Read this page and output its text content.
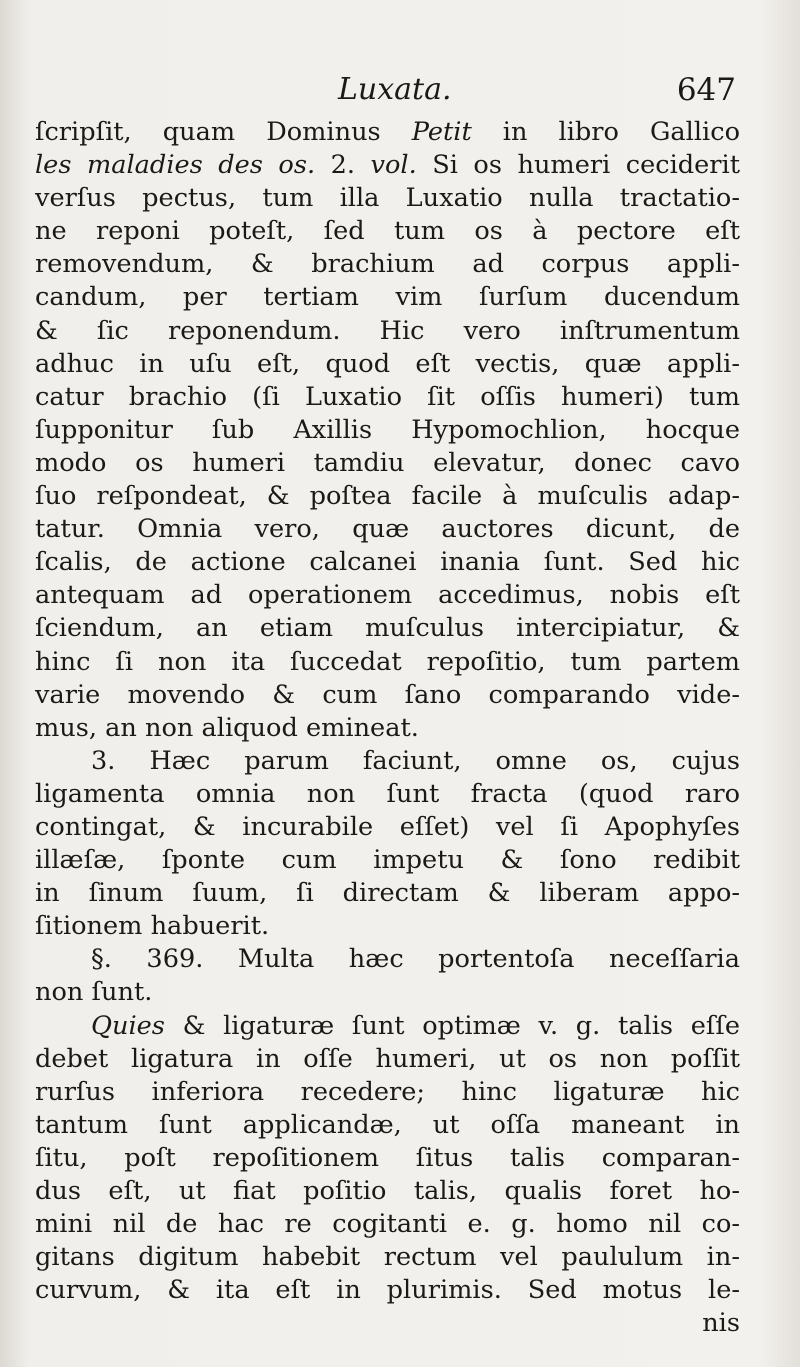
Luxata.	647
ſcripſit, quam Dominus Petit in libro Gallico
les maladies des os. 2. vol. Si os humeri ceciderit
verſus pectus, tum illa Luxatio nulla tractatio-
ne reponi poteſt, ſed tum os à pectore eſt
removendum, & brachium ad corpus appli-
candum, per tertiam vim ſurſum ducendum
& ſic reponendum. Hic vero inſtrumentum
adhuc in uſu eſt, quod eſt vectis, quæ appli-
catur brachio (ſi Luxatio ſit oſſis humeri) tum
ſupponitur ſub Axillis Hypomochlion, hocque
modo os humeri tamdiu elevatur, donec cavo
ſuo reſpondeat, & poſtea facile à muſculis adap-
tatur. Omnia vero, quæ auctores dicunt, de
ſcalis, de actione calcanei inania ſunt. Sed hic
antequam ad operationem accedimus, nobis eſt
ſciendum, an etiam muſculus intercipiatur, &
hinc ſi non ita ſuccedat repoſitio, tum partem
varie movendo & cum ſano comparando vide-
mus, an non aliquod emineat.
3. Hæc parum faciunt, omne os, cujus
ligamenta omnia non ſunt fracta (quod raro
contingat, & incurabile eſſet) vel ſi Apophyſes
illæſæ, ſponte cum impetu & ſono redibit
in ſinum ſuum, ſi directam & liberam appo-
ſitionem habuerit.
§. 369. Multa hæc portentoſa neceſſaria
non ſunt.
Quies & ligaturæ ſunt optimæ v. g. talis eſſe
debet ligatura in oſſe humeri, ut os non poſſit
rurſus inferiora recedere; hinc ligaturæ hic
tantum ſunt applicandæ, ut oſſa maneant in
ſitu, poſt repoſitionem ſitus talis comparan-
dus eſt, ut fiat poſitio talis, qualis foret ho-
mini nil de hac re cogitanti e. g. homo nil co-
gitans digitum habebit rectum vel paululum in-
curvum, & ita eſt in plurimis. Sed motus le-
nis
